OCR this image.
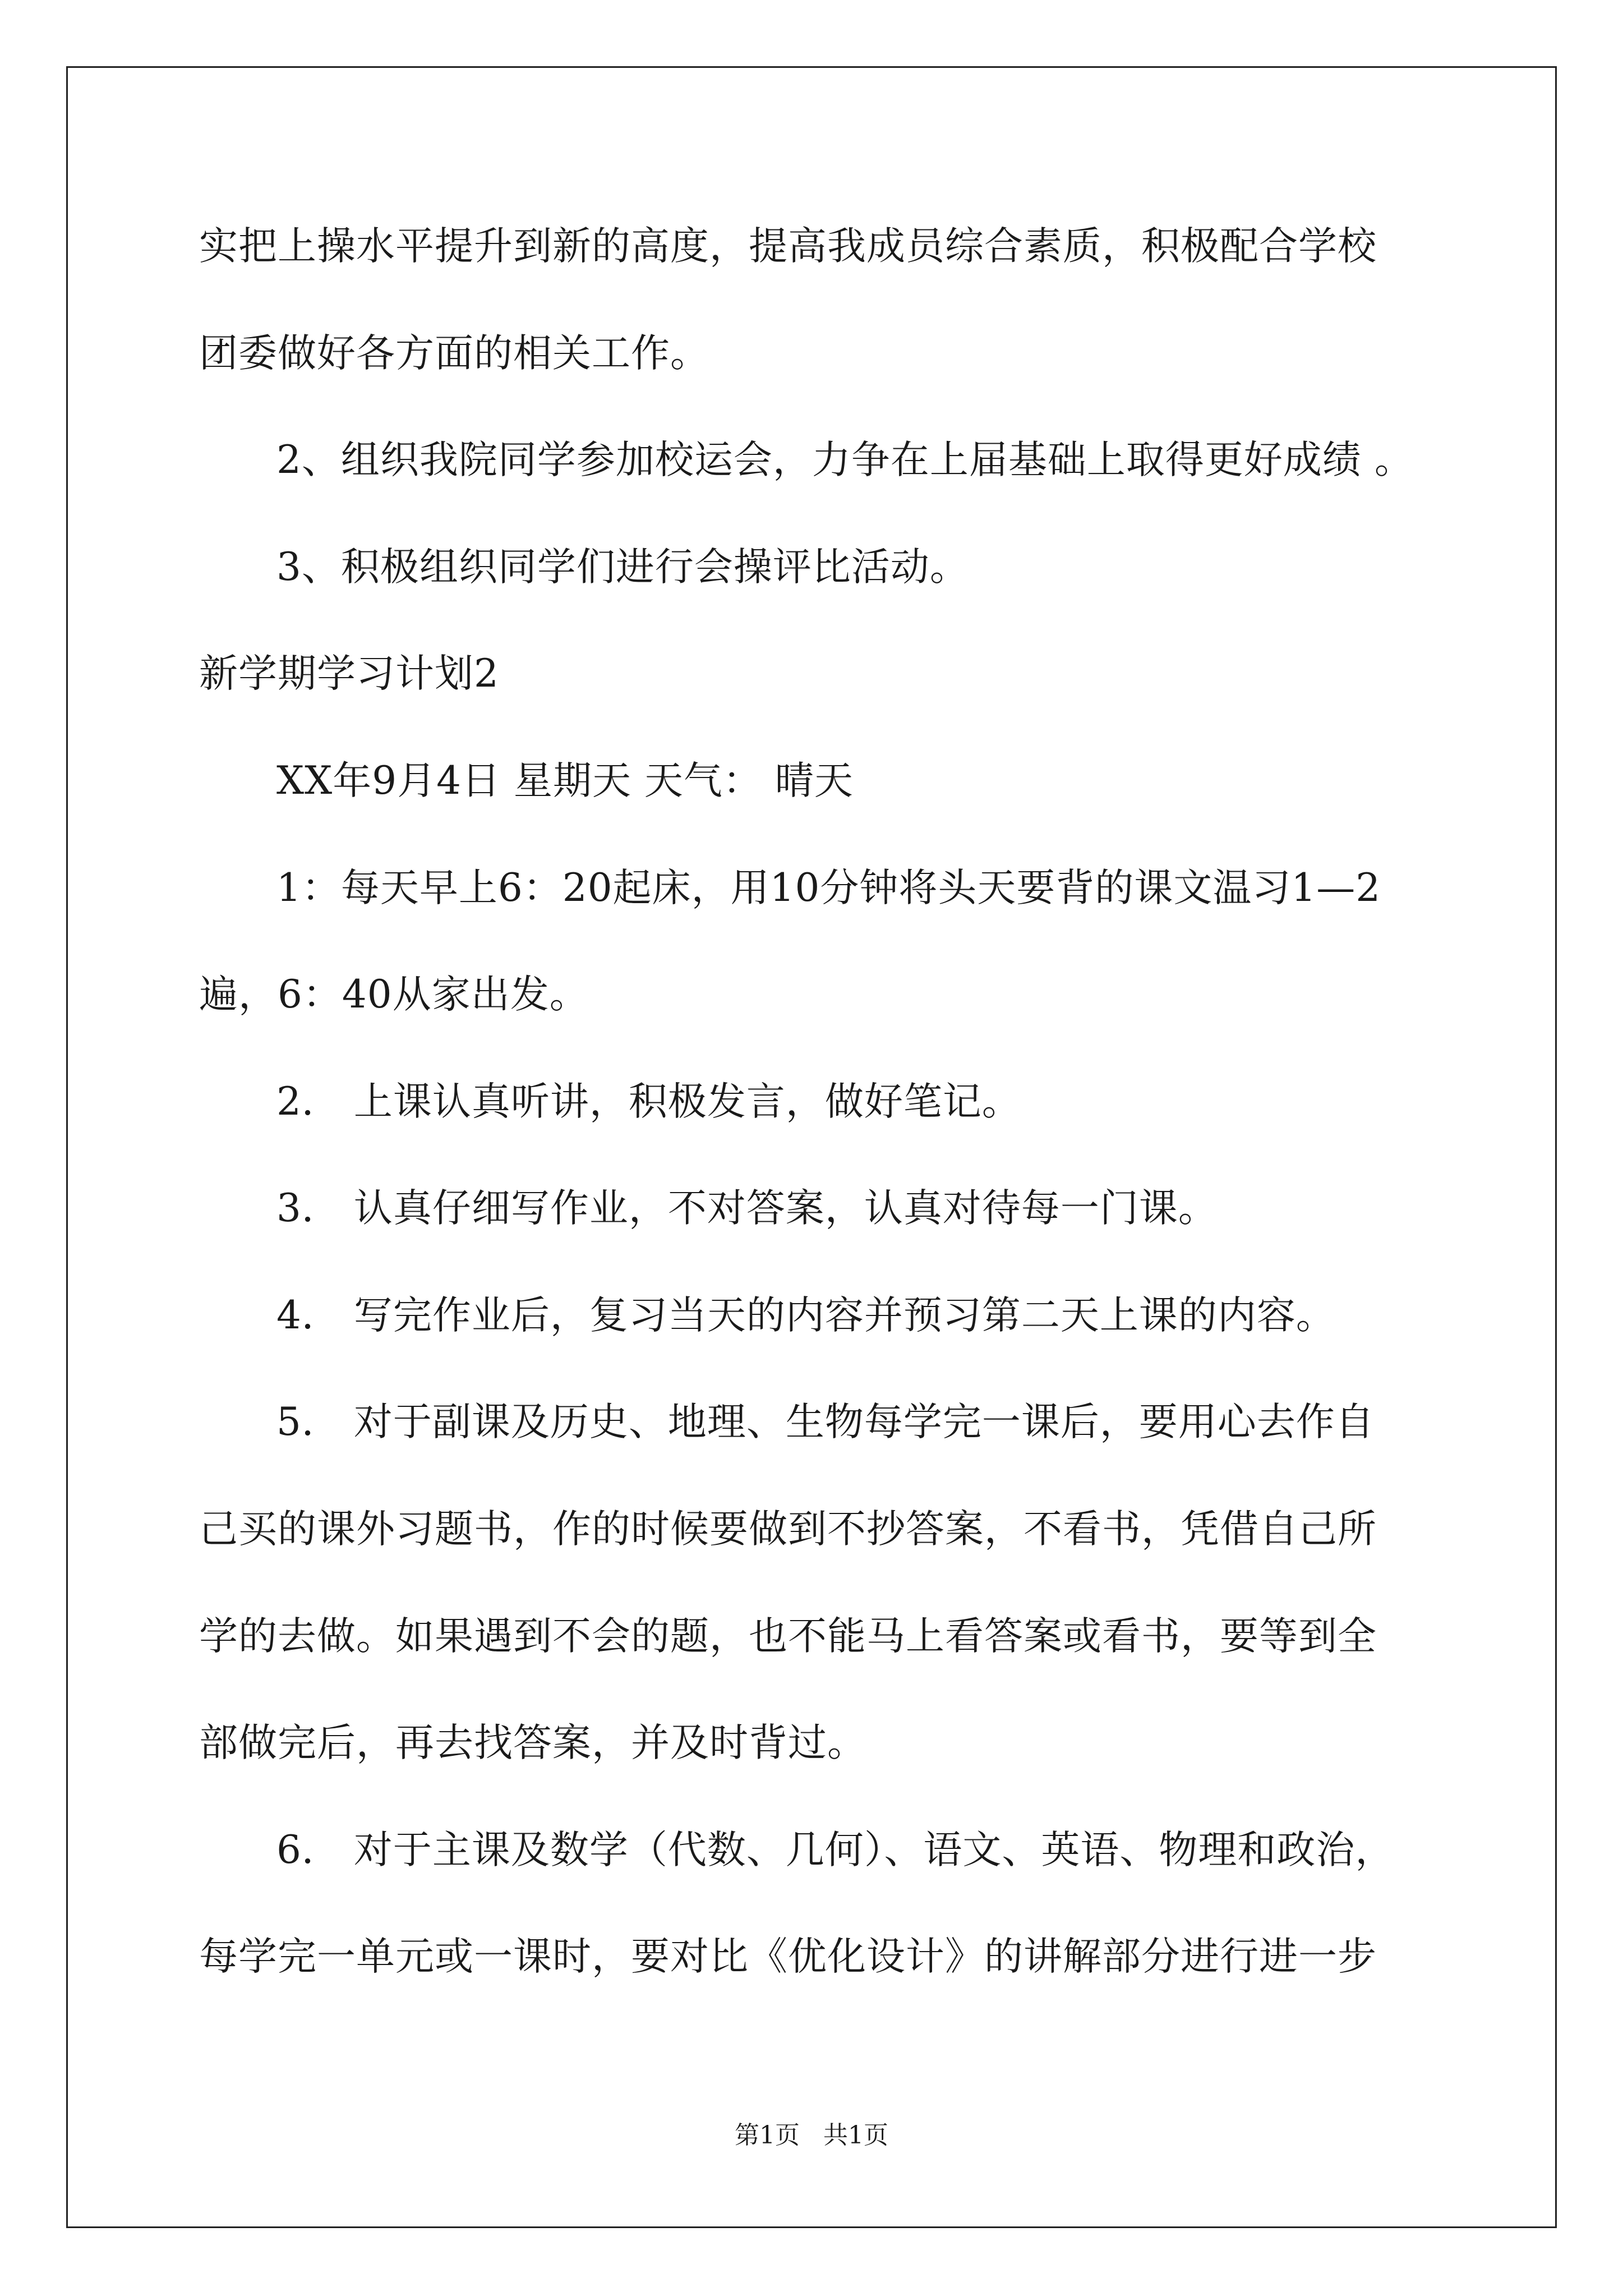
实把上操水平提升到新的高度，提高我成员综合素质，积极配合学校
团委做好各方面的相关工作。
2、组织我院同学参加校运会，力争在上届基础上取得更好成绩 。
3、积极组织同学们进行会操评比活动。
新学期学习计划2
XX年9月4日 星期天 天气： 晴天
1：每天早上6：20起床，用10分钟将头天要背的课文温习1—2
遍，6：40从家出发。
2． 上课认真听讲，积极发言，做好笔记。
3． 认真仔细写作业，不对答案，认真对待每一门课。
4． 写完作业后，复习当天的内容并预习第二天上课的内容。
5． 对于副课及历史、地理、生物每学完一课后，要用心去作自
己买的课外习题书，作的时候要做到不抄答案，不看书，凭借自己所
学的去做。如果遇到不会的题，也不能马上看答案或看书，要等到全
部做完后，再去找答案，并及时背过。
6． 对于主课及数学（代数、几何）、语文、英语、物理和政治，
每学完一单元或一课时，要对比《优化设计》的讲解部分进行进一步
第1页   共1页
